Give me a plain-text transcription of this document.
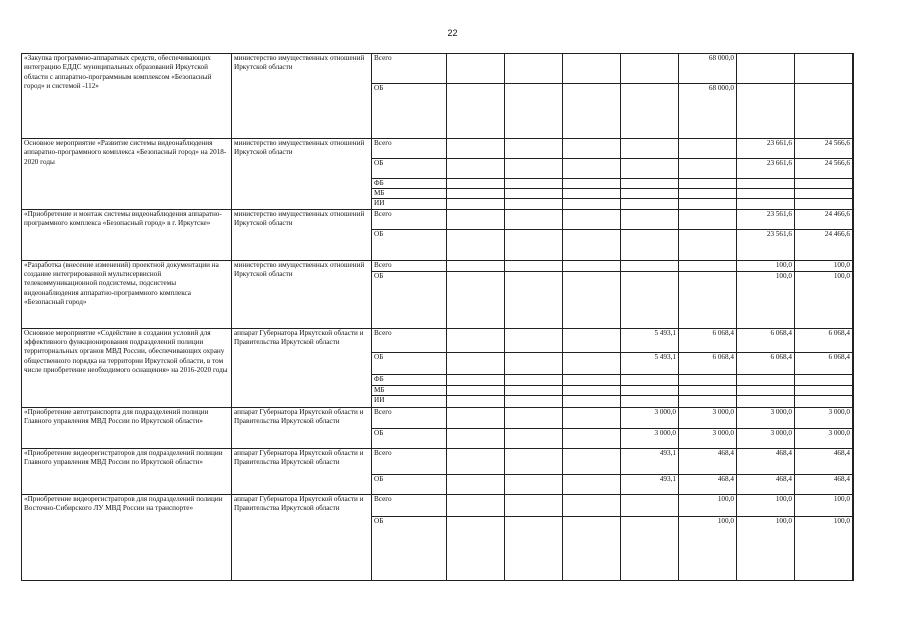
22
«Закупка программно-аппаратных средств, обеспечивающих интеграцию ЕДДС муниципальных образований Иркутской области с аппаратно-программным комплексом «Безопасный город» и системой -112»	министерство имущественных отношений Иркутской области	Всего					68 000,0			
		ОБ					68 000,0			
Основное мероприятие «Развитие системы видеонаблюдения аппаратно-программного комплекса «Безопасный город» на 2018-2020 годы	министерство имущественных отношений Иркутской области	Всего						23 661,6	24 566,6	
		ОБ						23 661,6	24 566,6	
		ФБ								
		МБ								
		ИИ								
«Приобретение и монтаж системы видеонаблюдения аппаратно-программного комплекса «Безопасный город» в г. Иркутске»	министерство имущественных отношений Иркутской области	Всего						23 561,6	24 466,6	
		ОБ						23 561,6	24 466,6	
«Разработка (внесение изменений) проектной документации на создание интегрированной мультисервисной телекоммуникационной подсистемы, подсистемы видеонаблюдения аппаратно-программного комплекса «Безопасный город»	министерство имущественных отношений Иркутской области	Всего						100,0	100,0	
		ОБ						100,0	100,0	
Основное мероприятие «Содействие в создании условий для эффективного функционирования подразделений полиции территориальных органов МВД России, обеспечивающих охрану общественного порядка на территории Иркутской области, в том числе приобретение необходимого оснащения» на 2016-2020 годы	аппарат Губернатора Иркутской области и Правительства Иркутской области	Всего				5 493,1	6 068,4	6 068,4	6 068,4	
		ОБ				5 493,1	6 068,4	6 068,4	6 068,4	
		ФБ								
		МБ								
		ИИ								
«Приобретение автотранспорта для подразделений полиции Главного управления МВД России по Иркутской области»	аппарат Губернатора Иркутской области и Правительства Иркутской области	Всего				3 000,0	3 000,0	3 000,0	3 000,0	
		ОБ				3 000,0	3 000,0	3 000,0	3 000,0	
«Приобретение видеорегистраторов для подразделений полиции Главного управления МВД России по Иркутской области»	аппарат Губернатора Иркутской области и Правительства Иркутской области	Всего				493,1	468,4	468,4	468,4	
		ОБ				493,1	468,4	468,4	468,4	
«Приобретение видеорегистраторов для подразделений полиции Восточно-Сибирского ЛУ МВД России на транспорте»	аппарат Губернатора Иркутской области и Правительства Иркутской области	Всего					100,0	100,0	100,0	
		ОБ					100,0	100,0	100,0	
